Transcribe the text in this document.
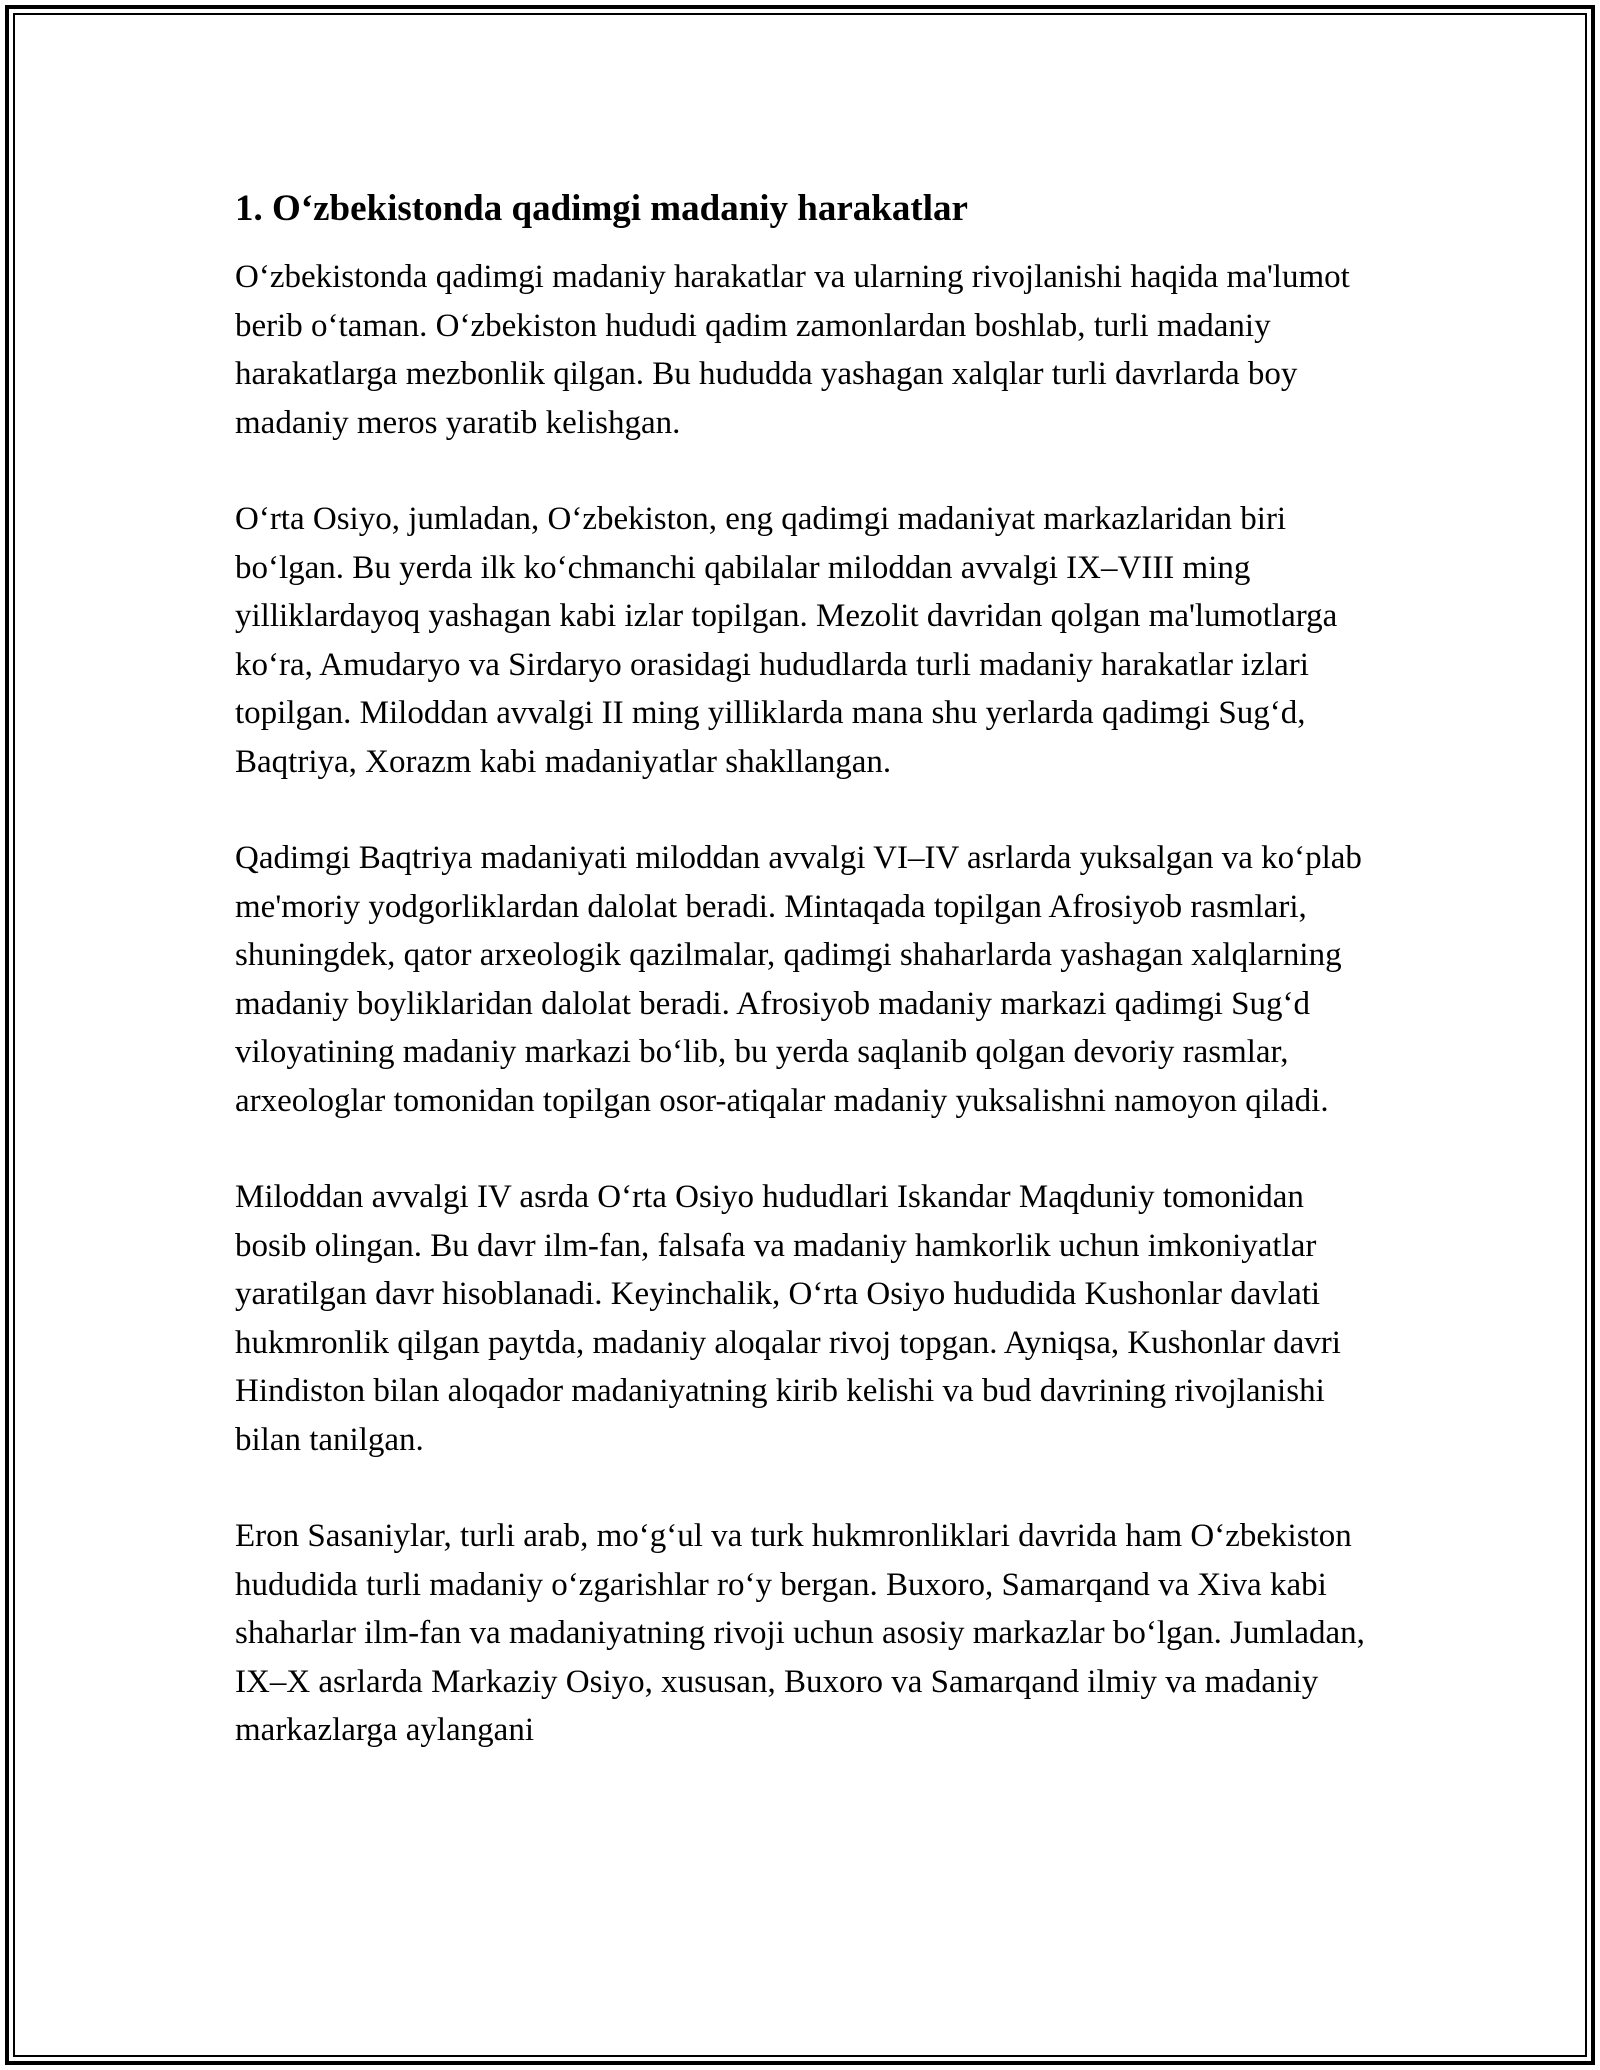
1. O‘zbekistonda qadimgi madaniy harakatlar

O‘zbekistonda qadimgi madaniy harakatlar va ularning rivojlanishi haqida ma'lumot berib o‘taman. O‘zbekiston hududi qadim zamonlardan boshlab, turli madaniy harakatlarga mezbonlik qilgan. Bu hududda yashagan xalqlar turli davrlarda boy madaniy meros yaratib kelishgan.

O‘rta Osiyo, jumladan, O‘zbekiston, eng qadimgi madaniyat markazlaridan biri bo‘lgan. Bu yerda ilk ko‘chmanchi qabilalar miloddan avvalgi IX–VIII ming yilliklardayoq yashagan kabi izlar topilgan. Mezolit davridan qolgan ma'lumotlarga ko‘ra, Amudaryo va Sirdaryo orasidagi hududlarda turli madaniy harakatlar izlari topilgan. Miloddan avvalgi II ming yilliklarda mana shu yerlarda qadimgi Sug‘d, Baqtriya, Xorazm kabi madaniyatlar shakllangan.

Qadimgi Baqtriya madaniyati miloddan avvalgi VI–IV asrlarda yuksalgan va ko‘plab me'moriy yodgorliklardan dalolat beradi. Mintaqada topilgan Afrosiyob rasmlari, shuningdek, qator arxeologik qazilmalar, qadimgi shaharlarda yashagan xalqlarning madaniy boyliklaridan dalolat beradi. Afrosiyob madaniy markazi qadimgi Sug‘d viloyatining madaniy markazi bo‘lib, bu yerda saqlanib qolgan devoriy rasmlar, arxeologlar tomonidan topilgan osor-atiqalar madaniy yuksalishni namoyon qiladi.

Miloddan avvalgi IV asrda O‘rta Osiyo hududlari Iskandar Maqduniy tomonidan bosib olingan. Bu davr ilm-fan, falsafa va madaniy hamkorlik uchun imkoniyatlar yaratilgan davr hisoblanadi. Keyinchalik, O‘rta Osiyo hududida Kushonlar davlati hukmronlik qilgan paytda, madaniy aloqalar rivoj topgan. Ayniqsa, Kushonlar davri Hindiston bilan aloqador madaniyatning kirib kelishi va bud davrining rivojlanishi bilan tanilgan.

Eron Sasaniylar, turli arab, mo‘g‘ul va turk hukmronliklari davrida ham O‘zbekiston hududida turli madaniy o‘zgarishlar ro‘y bergan. Buxoro, Samarqand va Xiva kabi shaharlar ilm-fan va madaniyatning rivoji uchun asosiy markazlar bo‘lgan. Jumladan, IX–X asrlarda Markaziy Osiyo, xususan, Buxoro va Samarqand ilmiy va madaniy markazlarga aylangani
